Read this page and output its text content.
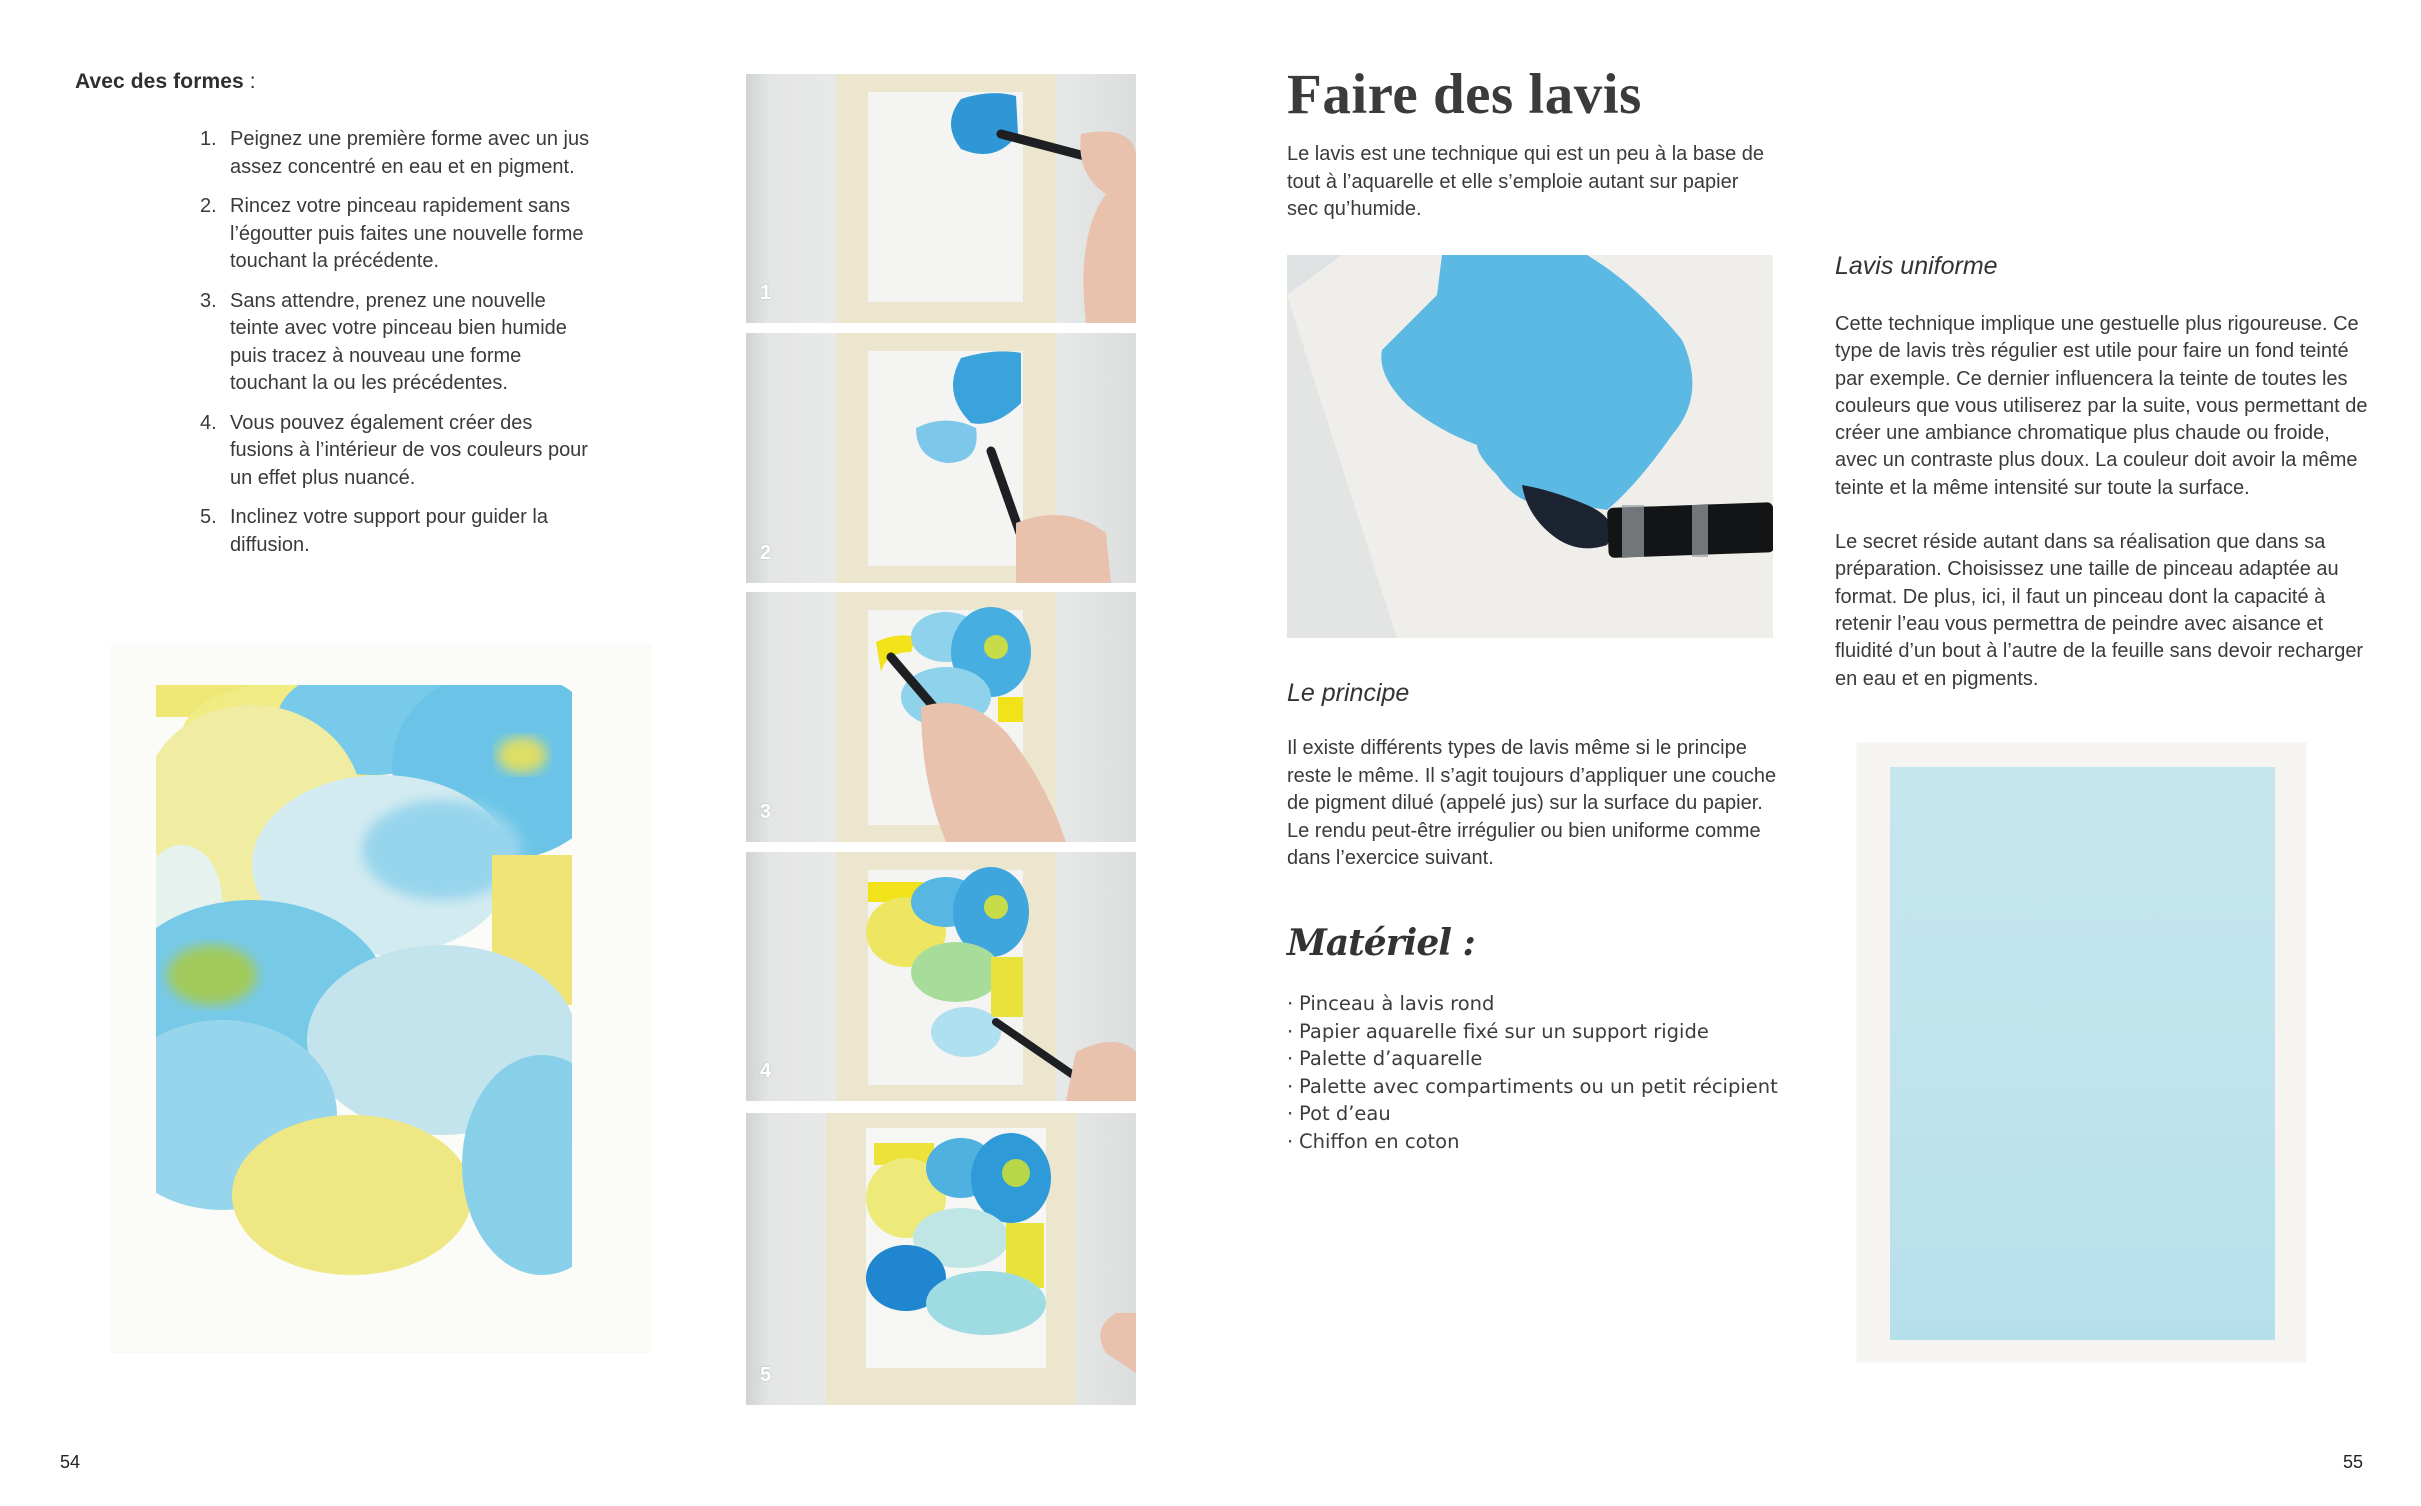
Avec des formes :
1. Peignez une première forme avec un jus assez concentré en eau et en pigment.
2. Rincez votre pinceau rapidement sans l’égoutter puis faites une nouvelle forme touchant la précédente.
3. Sans attendre, prenez une nouvelle teinte avec votre pinceau bien humide puis tracez à nouveau une forme touchant la ou les précédentes.
4. Vous pouvez également créer des fusions à l’intérieur de vos couleurs pour un effet plus nuancé.
5. Inclinez votre support pour guider la diffusion.
1
2
3
4
5
54
Faire des lavis
Le lavis est une technique qui est un peu à la base de tout à l’aquarelle et elle s’emploie autant sur papier sec qu’humide.
Le principe
Il existe différents types de lavis même si le principe reste le même. Il s’agit toujours d’appliquer une couche de pigment dilué (appelé jus) sur la surface du papier. Le rendu peut-être irrégulier ou bien uniforme comme dans l’exercice suivant.
Matériel :
· Pinceau à lavis rond
· Papier aquarelle fixé sur un support rigide
· Palette d’aquarelle
· Palette avec compartiments ou un petit récipient
· Pot d’eau
· Chiffon en coton
Lavis uniforme

Cette technique implique une gestuelle plus rigoureuse. Ce type de lavis très régulier est utile pour faire un fond teinté par exemple. Ce dernier influencera la teinte de toutes les couleurs que vous utiliserez par la suite, vous permettant de créer une ambiance chromatique plus chaude ou froide, avec un contraste plus doux. La couleur doit avoir la même teinte et la même intensité sur toute la surface.

Le secret réside autant dans sa réalisation que dans sa préparation. Choisissez une taille de pinceau adaptée au format. De plus, ici, il faut un pinceau dont la capacité à retenir l’eau vous permettra de peindre avec aisance et fluidité d’un bout à l’autre de la feuille sans devoir recharger en eau et en pigments.

55
